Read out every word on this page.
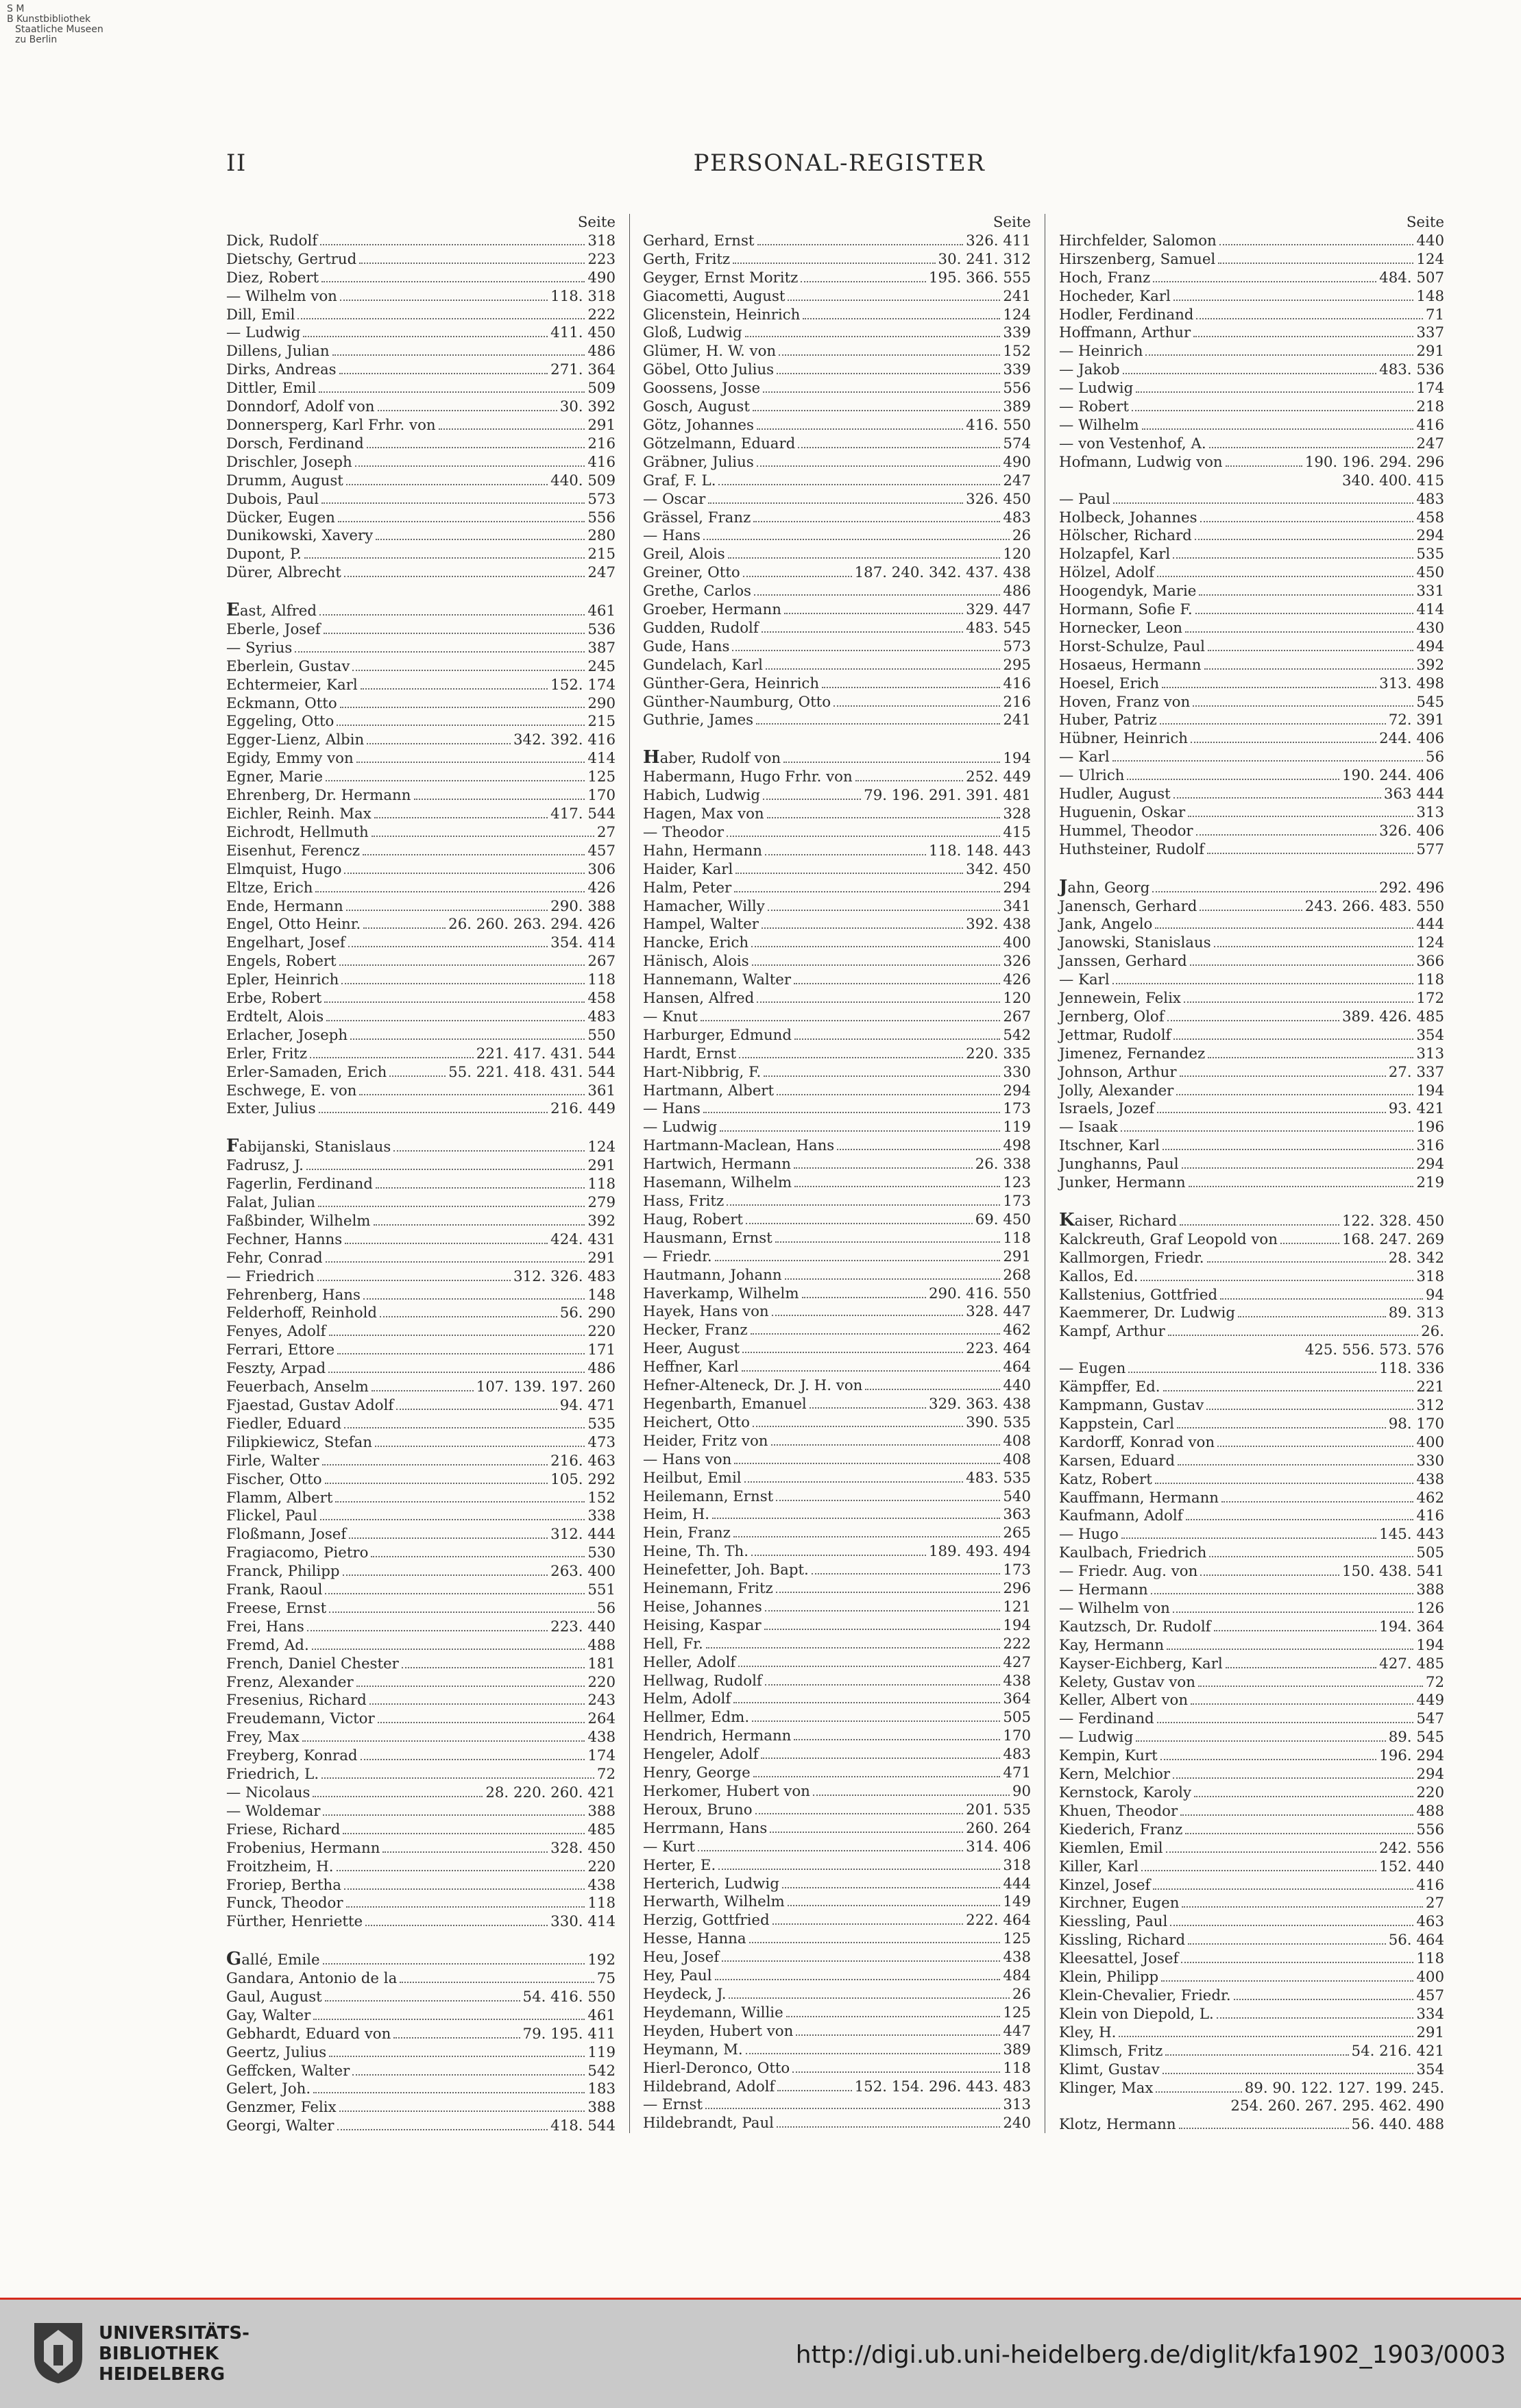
S M
B Kunstbibliothek
Staatliche Museen
zu Berlin
II	PERSONAL-REGISTER
Seite
Dick, Rudolf	318
Dietschy, Gertrud	223
Diez, Robert	490
— Wilhelm von	118. 318
Dill, Emil	222
— Ludwig	411. 450
Dillens, Julian	486
Dirks, Andreas	271. 364
Dittler, Emil	509
Donndorf, Adolf von	30. 392
Donnersperg, Karl Frhr. von	291
Dorsch, Ferdinand	216
Drischler, Joseph	416
Drumm, August	440. 509
Dubois, Paul	573
Dücker, Eugen	556
Dunikowski, Xavery	280
Dupont, P.	215
Dürer, Albrecht	247
East, Alfred	461
Eberle, Josef	536
— Syrius	387
Eberlein, Gustav	245
Echtermeier, Karl	152. 174
Eckmann, Otto	290
Eggeling, Otto	215
Egger-Lienz, Albin	342. 392. 416
Egidy, Emmy von	414
Egner, Marie	125
Ehrenberg, Dr. Hermann	170
Eichler, Reinh. Max	417. 544
Eichrodt, Hellmuth	27
Eisenhut, Ferencz	457
Elmquist, Hugo	306
Eltze, Erich	426
Ende, Hermann	290. 388
Engel, Otto Heinr.	26. 260. 263. 294. 426
Engelhart, Josef	354. 414
Engels, Robert	267
Epler, Heinrich	118
Erbe, Robert	458
Erdtelt, Alois	483
Erlacher, Joseph	550
Erler, Fritz	221. 417. 431. 544
Erler-Samaden, Erich	55. 221. 418. 431. 544
Eschwege, E. von	361
Exter, Julius	216. 449
Fabijanski, Stanislaus	124
Fadrusz, J.	291
Fagerlin, Ferdinand	118
Falat, Julian	279
Faßbinder, Wilhelm	392
Fechner, Hanns	424. 431
Fehr, Conrad	291
— Friedrich	312. 326. 483
Fehrenberg, Hans	148
Felderhoff, Reinhold	56. 290
Fenyes, Adolf	220
Ferrari, Ettore	171
Feszty, Arpad	486
Feuerbach, Anselm	107. 139. 197. 260
Fjaestad, Gustav Adolf	94. 471
Fiedler, Eduard	535
Filipkiewicz, Stefan	473
Firle, Walter	216. 463
Fischer, Otto	105. 292
Flamm, Albert	152
Flickel, Paul	338
Floßmann, Josef	312. 444
Fragiacomo, Pietro	530
Franck, Philipp	263. 400
Frank, Raoul	551
Freese, Ernst	56
Frei, Hans	223. 440
Fremd, Ad.	488
French, Daniel Chester	181
Frenz, Alexander	220
Fresenius, Richard	243
Freudemann, Victor	264
Frey, Max	438
Freyberg, Konrad	174
Friedrich, L.	72
— Nicolaus	28. 220. 260. 421
— Woldemar	388
Friese, Richard	485
Frobenius, Hermann	328. 450
Froitzheim, H.	220
Froriep, Bertha	438
Funck, Theodor	118
Fürther, Henriette	330. 414
Gallé, Emile	192
Gandara, Antonio de la	75
Gaul, August	54. 416. 550
Gay, Walter	461
Gebhardt, Eduard von	79. 195. 411
Geertz, Julius	119
Geffcken, Walter	542
Gelert, Joh.	183
Genzmer, Felix	388
Georgi, Walter	418. 544
Seite
Gerhard, Ernst	326. 411
Gerth, Fritz	30. 241. 312
Geyger, Ernst Moritz	195. 366. 555
Giacometti, August	241
Glicenstein, Heinrich	124
Gloß, Ludwig	339
Glümer, H. W. von	152
Göbel, Otto Julius	339
Goossens, Josse	556
Gosch, August	389
Götz, Johannes	416. 550
Götzelmann, Eduard	574
Gräbner, Julius	490
Graf, F. L.	247
— Oscar	326. 450
Grässel, Franz	483
— Hans	26
Greil, Alois	120
Greiner, Otto	187. 240. 342. 437. 438
Grethe, Carlos	486
Groeber, Hermann	329. 447
Gudden, Rudolf	483. 545
Gude, Hans	573
Gundelach, Karl	295
Günther-Gera, Heinrich	416
Günther-Naumburg, Otto	216
Guthrie, James	241
Haber, Rudolf von	194
Habermann, Hugo Frhr. von	252. 449
Habich, Ludwig	79. 196. 291. 391. 481
Hagen, Max von	328
— Theodor	415
Hahn, Hermann	118. 148. 443
Haider, Karl	342. 450
Halm, Peter	294
Hamacher, Willy	341
Hampel, Walter	392. 438
Hancke, Erich	400
Hänisch, Alois	326
Hannemann, Walter	426
Hansen, Alfred	120
— Knut	267
Harburger, Edmund	542
Hardt, Ernst	220. 335
Hart-Nibbrig, F.	330
Hartmann, Albert	294
— Hans	173
— Ludwig	119
Hartmann-Maclean, Hans	498
Hartwich, Hermann	26. 338
Hasemann, Wilhelm	123
Hass, Fritz	173
Haug, Robert	69. 450
Hausmann, Ernst	118
— Friedr.	291
Hautmann, Johann	268
Haverkamp, Wilhelm	290. 416. 550
Hayek, Hans von	328. 447
Hecker, Franz	462
Heer, August	223. 464
Heffner, Karl	464
Hefner-Alteneck, Dr. J. H. von	440
Hegenbarth, Emanuel	329. 363. 438
Heichert, Otto	390. 535
Heider, Fritz von	408
— Hans von	408
Heilbut, Emil	483. 535
Heilemann, Ernst	540
Heim, H.	363
Hein, Franz	265
Heine, Th. Th.	189. 493. 494
Heinefetter, Joh. Bapt.	173
Heinemann, Fritz	296
Heise, Johannes	121
Heising, Kaspar	194
Hell, Fr.	222
Heller, Adolf	427
Hellwag, Rudolf	438
Helm, Adolf	364
Hellmer, Edm.	505
Hendrich, Hermann	170
Hengeler, Adolf	483
Henry, George	471
Herkomer, Hubert von	90
Heroux, Bruno	201. 535
Herrmann, Hans	260. 264
— Kurt	314. 406
Herter, E.	318
Herterich, Ludwig	444
Herwarth, Wilhelm	149
Herzig, Gottfried	222. 464
Hesse, Hanna	125
Heu, Josef	438
Hey, Paul	484
Heydeck, J.	26
Heydemann, Willie	125
Heyden, Hubert von	447
Heymann, M.	389
Hierl-Deronco, Otto	118
Hildebrand, Adolf	152. 154. 296. 443. 483
— Ernst	313
Hildebrandt, Paul	240
Seite
Hirchfelder, Salomon	440
Hirszenberg, Samuel	124
Hoch, Franz	484. 507
Hocheder, Karl	148
Hodler, Ferdinand	71
Hoffmann, Arthur	337
— Heinrich	291
— Jakob	483. 536
— Ludwig	174
— Robert	218
— Wilhelm	416
— von Vestenhof, A.	247
Hofmann, Ludwig von	190. 196. 294. 296
340. 400. 415
— Paul	483
Holbeck, Johannes	458
Hölscher, Richard	294
Holzapfel, Karl	535
Hölzel, Adolf	450
Hoogendyk, Marie	331
Hormann, Sofie F.	414
Hornecker, Leon	430
Horst-Schulze, Paul	494
Hosaeus, Hermann	392
Hoesel, Erich	313. 498
Hoven, Franz von	545
Huber, Patriz	72. 391
Hübner, Heinrich	244. 406
— Karl	56
— Ulrich	190. 244. 406
Hudler, August	363 444
Huguenin, Oskar	313
Hummel, Theodor	326. 406
Huthsteiner, Rudolf	577
Jahn, Georg	292. 496
Janensch, Gerhard	243. 266. 483. 550
Jank, Angelo	444
Janowski, Stanislaus	124
Janssen, Gerhard	366
— Karl	118
Jennewein, Felix	172
Jernberg, Olof	389. 426. 485
Jettmar, Rudolf	354
Jimenez, Fernandez	313
Johnson, Arthur	27. 337
Jolly, Alexander	194
Israels, Jozef	93. 421
— Isaak	196
Itschner, Karl	316
Junghanns, Paul	294
Junker, Hermann	219
Kaiser, Richard	122. 328. 450
Kalckreuth, Graf Leopold von	168. 247. 269
Kallmorgen, Friedr.	28. 342
Kallos, Ed.	318
Kallstenius, Gottfried	94
Kaemmerer, Dr. Ludwig	89. 313
Kampf, Arthur	26.
425. 556. 573. 576
— Eugen	118. 336
Kämpffer, Ed.	221
Kampmann, Gustav	312
Kappstein, Carl	98. 170
Kardorff, Konrad von	400
Karsen, Eduard	330
Katz, Robert	438
Kauffmann, Hermann	462
Kaufmann, Adolf	416
— Hugo	145. 443
Kaulbach, Friedrich	505
— Friedr. Aug. von	150. 438. 541
— Hermann	388
— Wilhelm von	126
Kautzsch, Dr. Rudolf	194. 364
Kay, Hermann	194
Kayser-Eichberg, Karl	427. 485
Kelety, Gustav von	72
Keller, Albert von	449
— Ferdinand	547
— Ludwig	89. 545
Kempin, Kurt	196. 294
Kern, Melchior	294
Kernstock, Karoly	220
Khuen, Theodor	488
Kiederich, Franz	556
Kiemlen, Emil	242. 556
Killer, Karl	152. 440
Kinzel, Josef	416
Kirchner, Eugen	27
Kiessling, Paul	463
Kissling, Richard	56. 464
Kleesattel, Josef	118
Klein, Philipp	400
Klein-Chevalier, Friedr.	457
Klein von Diepold, L.	334
Kley, H.	291
Klimsch, Fritz	54. 216. 421
Klimt, Gustav	354
Klinger, Max	89. 90. 122. 127. 199. 245.
254. 260. 267. 295. 462. 490
Klotz, Hermann	56. 440. 488
UNIVERSITÄTS-
BIBLIOTHEK
HEIDELBERG
http://digi.ub.uni-heidelberg.de/diglit/kfa1902_1903/0003
